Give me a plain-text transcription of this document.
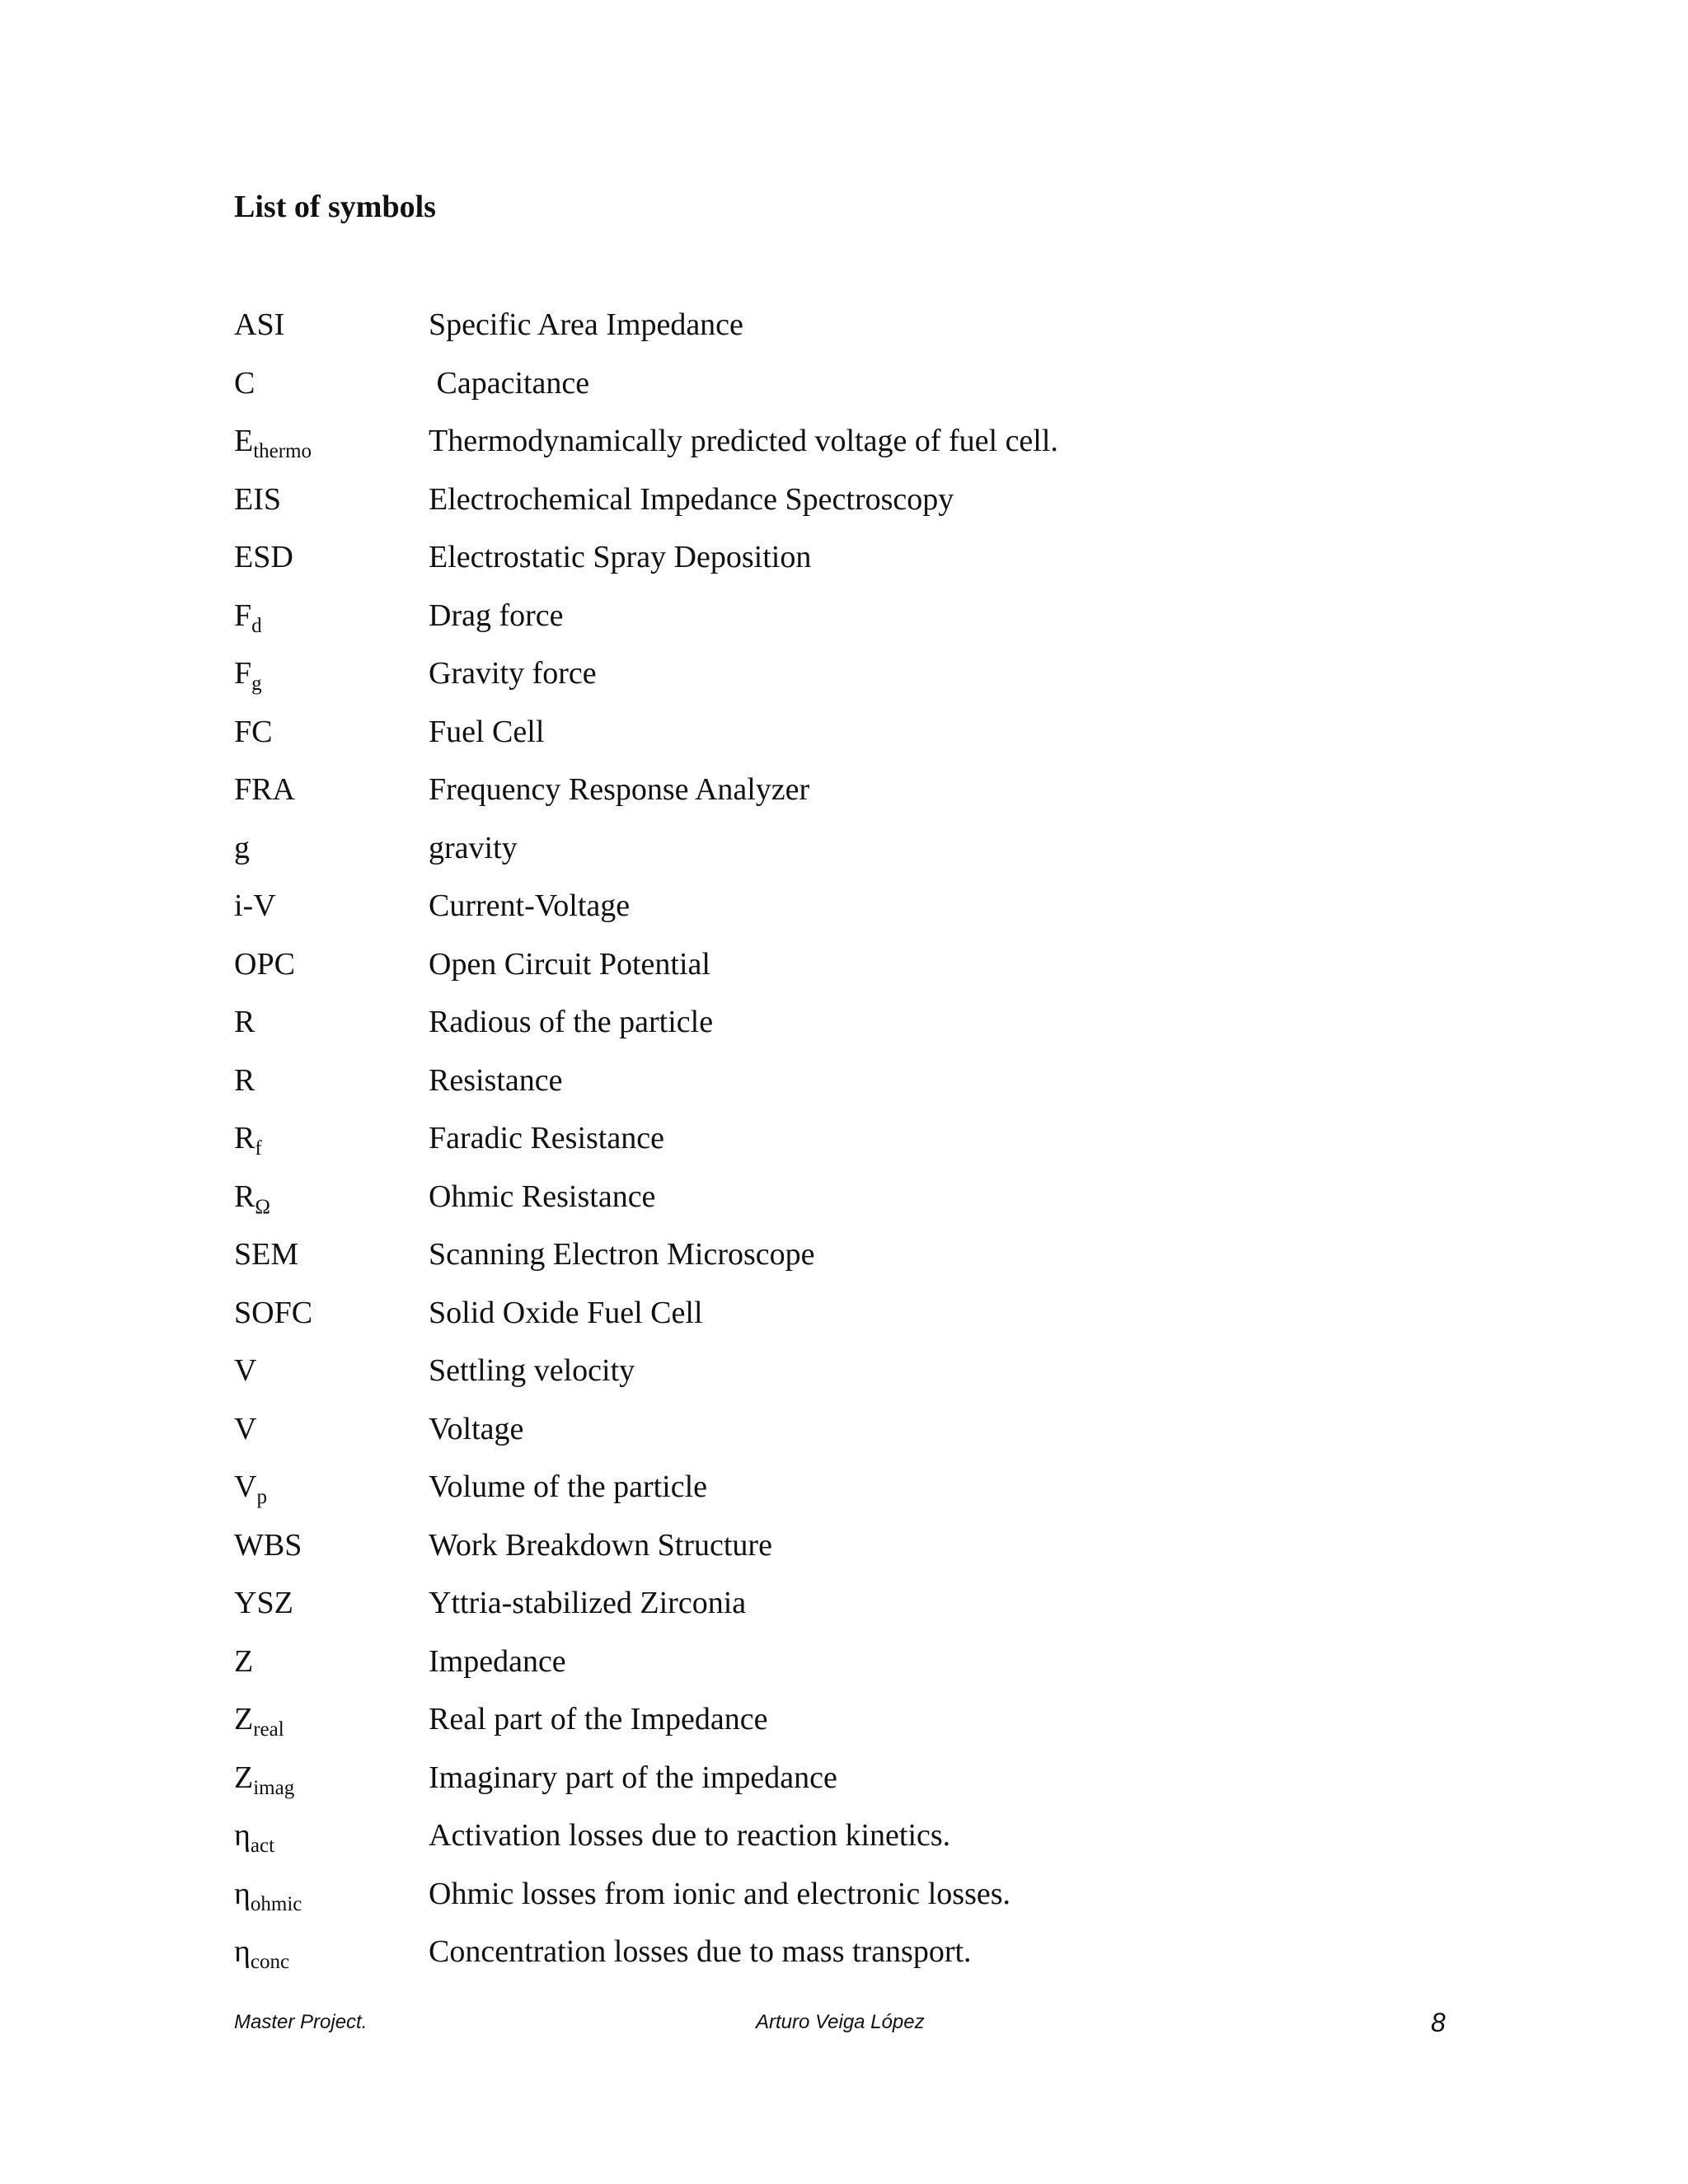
List of symbols
ASI	Specific Area Impedance
C	Capacitance
$E_{thermo}$	Thermodynamically predicted voltage of fuel cell.
EIS	Electrochemical Impedance Spectroscopy
ESD	Electrostatic Spray Deposition
$F_d$	Drag force
$F_g$	Gravity force
FC	Fuel Cell
FRA	Frequency Response Analyzer
g	gravity
i-V	Current-Voltage
OPC	Open Circuit Potential
R	Radious of the particle
R	Resistance
$R_f$	Faradic Resistance
$R_\Omega$	Ohmic Resistance
SEM	Scanning Electron Microscope
SOFC	Solid Oxide Fuel Cell
V	Settling velocity
V	Voltage
$V_p$	Volume of the particle
WBS	Work Breakdown Structure
YSZ	Yttria-stabilized Zirconia
Z	Impedance
$Z_{real}$	Real part of the Impedance
$Z_{imag}$	Imaginary part of the impedance
$\eta_{act}$	Activation losses due to reaction kinetics.
$\eta_{ohmic}$	Ohmic losses from ionic and electronic losses.
$\eta_{conc}$	Concentration losses due to mass transport.
Master Project.	Arturo Veiga López	8
